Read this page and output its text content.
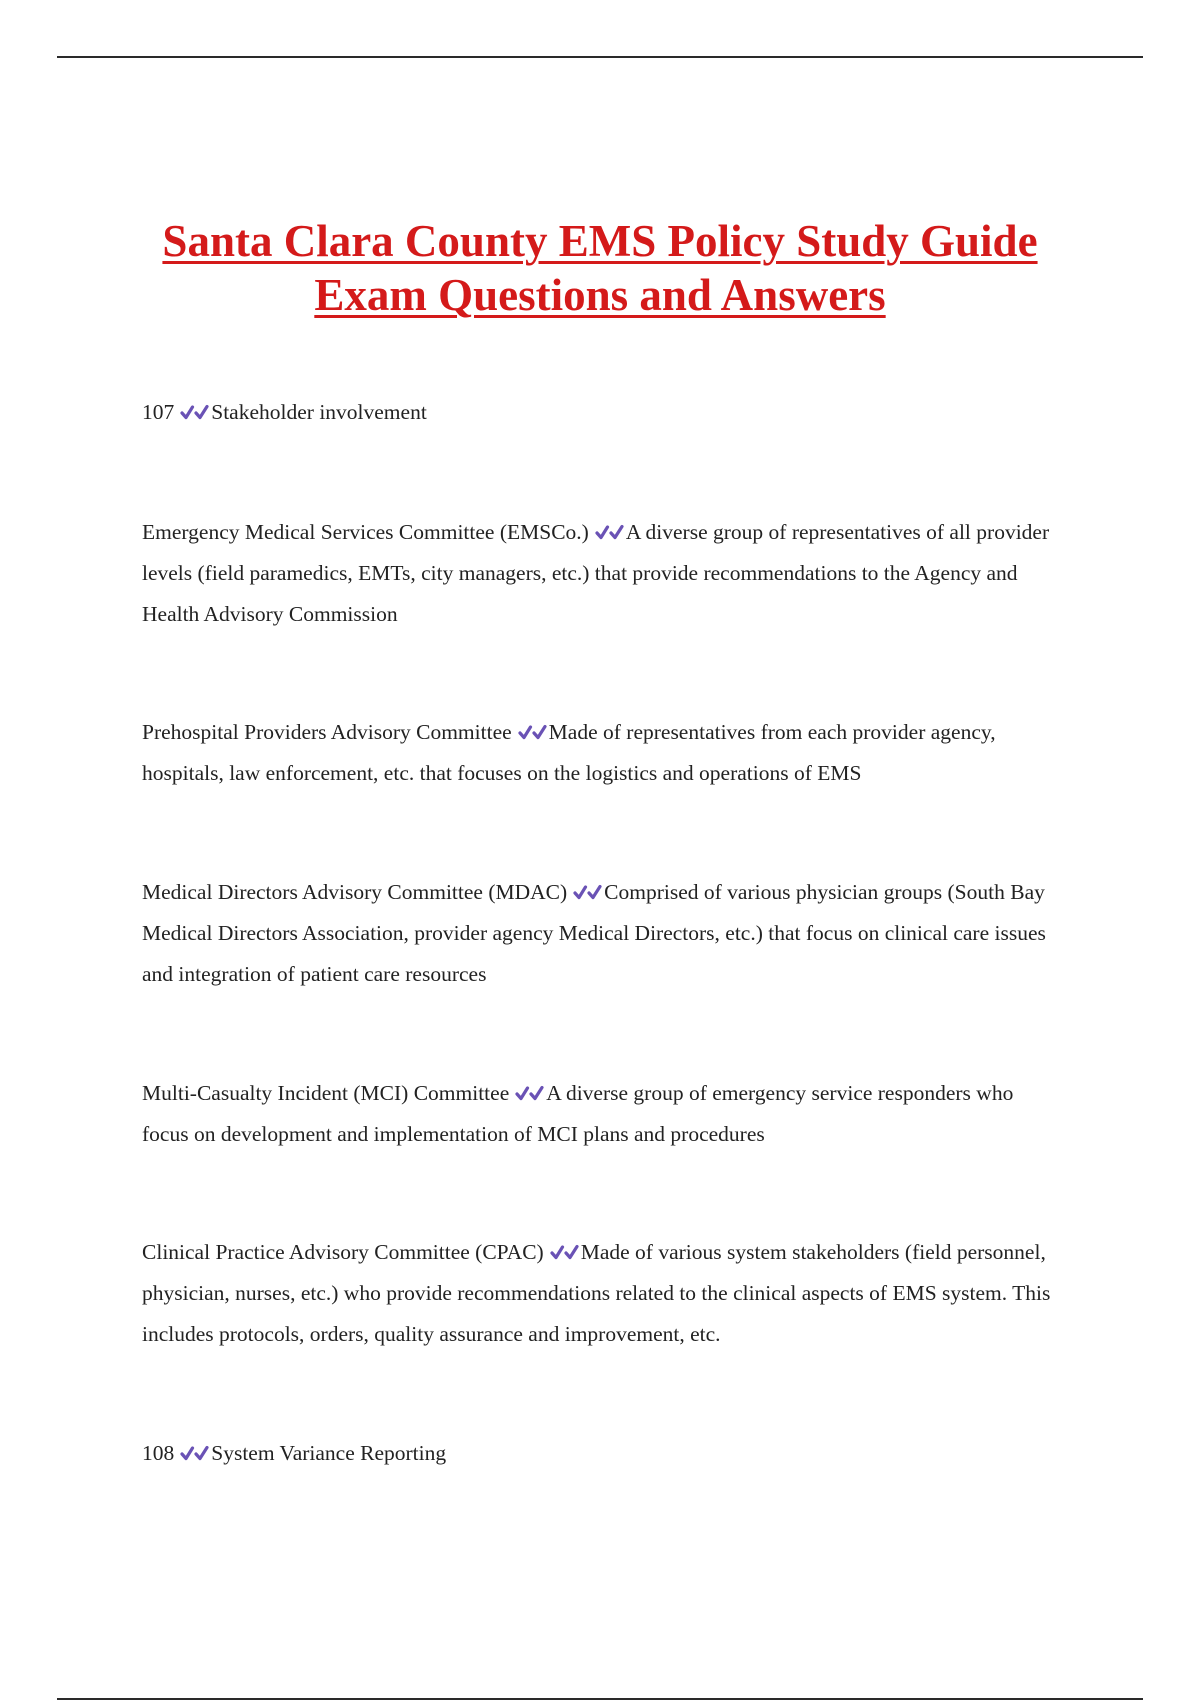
Santa Clara County EMS Policy Study Guide
Exam Questions and Answers

107 Stakeholder involvement

Emergency Medical Services Committee (EMSCo.) A diverse group of representatives of all provider levels (field paramedics, EMTs, city managers, etc.) that provide recommendations to the Agency and Health Advisory Commission

Prehospital Providers Advisory Committee Made of representatives from each provider agency, hospitals, law enforcement, etc. that focuses on the logistics and operations of EMS

Medical Directors Advisory Committee (MDAC) Comprised of various physician groups (South Bay Medical Directors Association, provider agency Medical Directors, etc.) that focus on clinical care issues and integration of patient care resources

Multi-Casualty Incident (MCI) Committee A diverse group of emergency service responders who focus on development and implementation of MCI plans and procedures

Clinical Practice Advisory Committee (CPAC) Made of various system stakeholders (field personnel, physician, nurses, etc.) who provide recommendations related to the clinical aspects of EMS system. This includes protocols, orders, quality assurance and improvement, etc.

108 System Variance Reporting
